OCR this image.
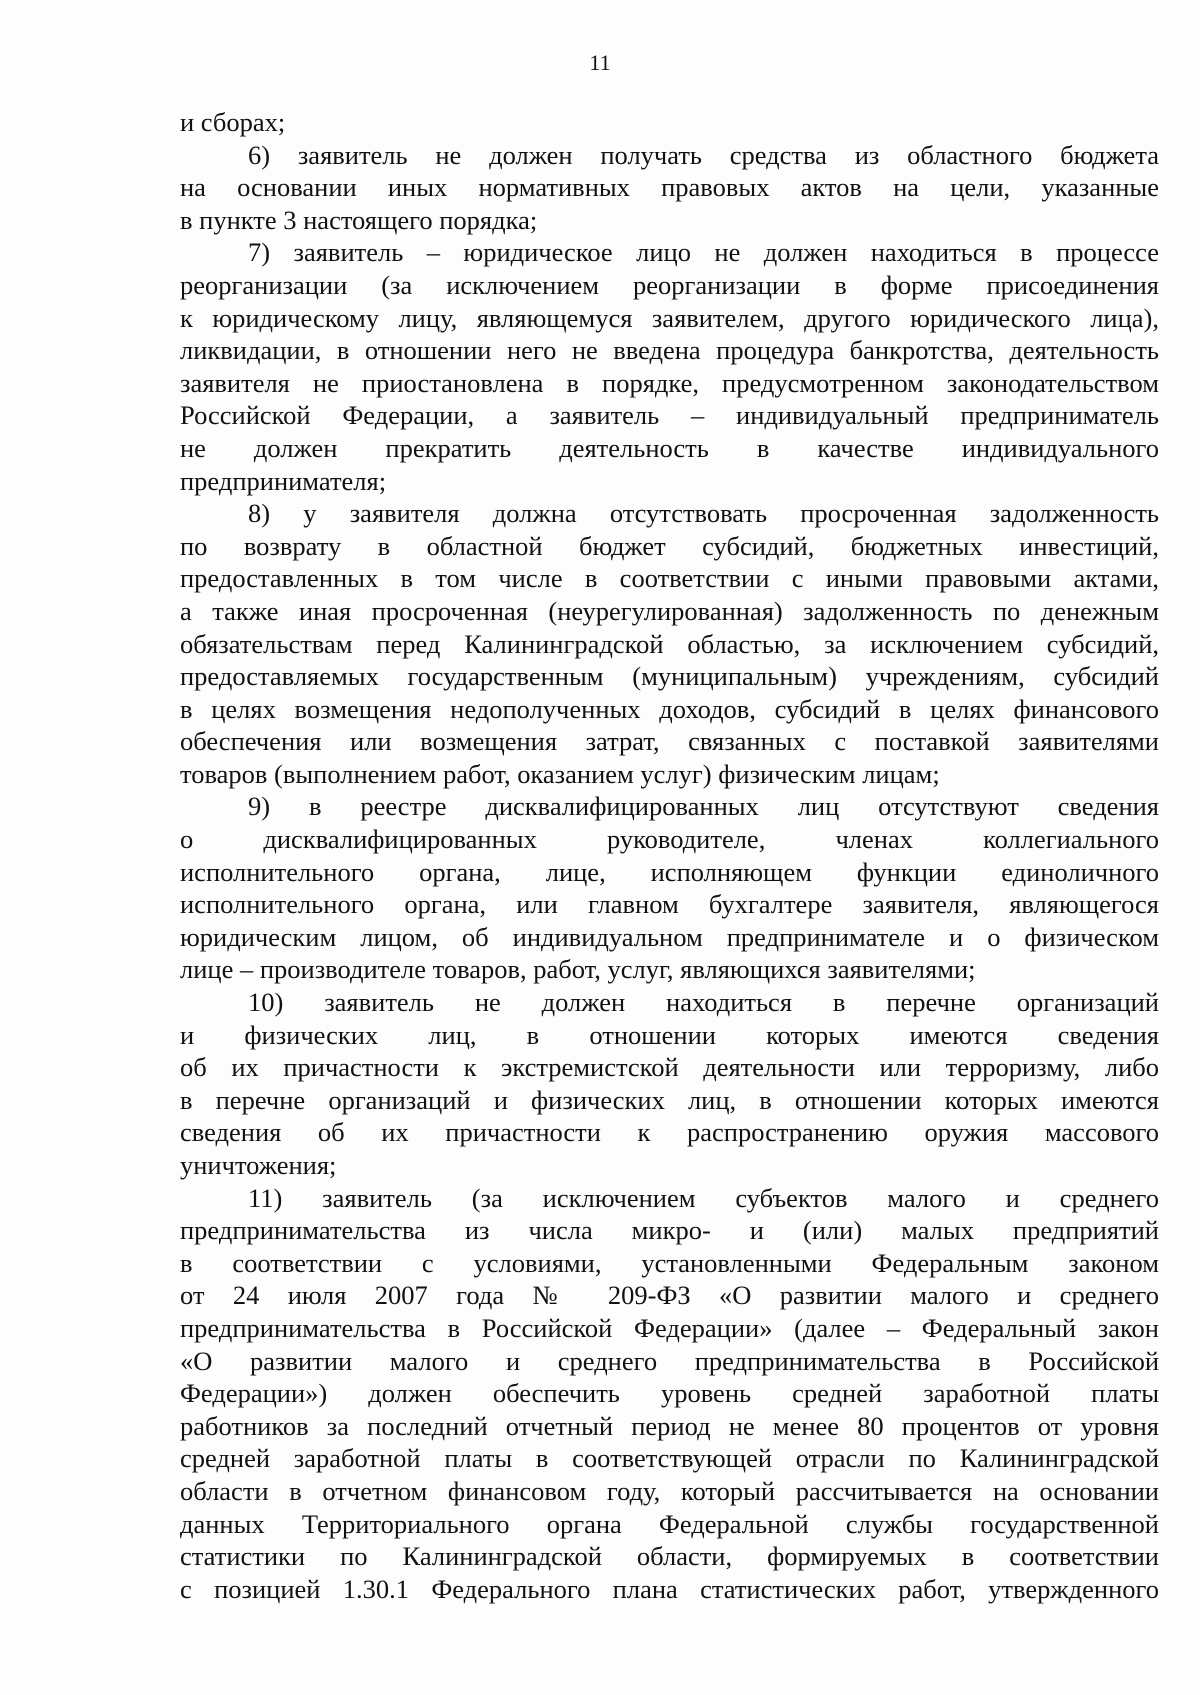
11
и сборах;
6) заявитель не должен получать средства из областного бюджета
на основании иных нормативных правовых актов на цели, указанные
в пункте 3 настоящего порядка;
7) заявитель – юридическое лицо не должен находиться в процессе
реорганизации (за исключением реорганизации в форме присоединения
к юридическому лицу, являющемуся заявителем, другого юридического лица),
ликвидации, в отношении него не введена процедура банкротства, деятельность
заявителя не приостановлена в порядке, предусмотренном законодательством
Российской Федерации, а заявитель – индивидуальный предприниматель
не должен прекратить деятельность в качестве индивидуального
предпринимателя;
8) у заявителя должна отсутствовать просроченная задолженность
по возврату в областной бюджет субсидий, бюджетных инвестиций,
предоставленных в том числе в соответствии с иными правовыми актами,
а также иная просроченная (неурегулированная) задолженность по денежным
обязательствам перед Калининградской областью, за исключением субсидий,
предоставляемых государственным (муниципальным) учреждениям, субсидий
в целях возмещения недополученных доходов, субсидий в целях финансового
обеспечения или возмещения затрат, связанных с поставкой заявителями
товаров (выполнением работ, оказанием услуг) физическим лицам;
9) в реестре дисквалифицированных лиц отсутствуют сведения
о дисквалифицированных руководителе, членах коллегиального
исполнительного органа, лице, исполняющем функции единоличного
исполнительного органа, или главном бухгалтере заявителя, являющегося
юридическим лицом, об индивидуальном предпринимателе и о физическом
лице – производителе товаров, работ, услуг, являющихся заявителями;
10) заявитель не должен находиться в перечне организаций
и физических лиц, в отношении которых имеются сведения
об их причастности к экстремистской деятельности или терроризму, либо
в перечне организаций и физических лиц, в отношении которых имеются
сведения об их причастности к распространению оружия массового
уничтожения;
11) заявитель (за исключением субъектов малого и среднего
предпринимательства из числа микро- и (или) малых предприятий
в соответствии с условиями, установленными Федеральным законом
от 24 июля 2007 года № 209-ФЗ «О развитии малого и среднего
предпринимательства в Российской Федерации» (далее – Федеральный закон
«О развитии малого и среднего предпринимательства в Российской
Федерации») должен обеспечить уровень средней заработной платы
работников за последний отчетный период не менее 80 процентов от уровня
средней заработной платы в соответствующей отрасли по Калининградской
области в отчетном финансовом году, который рассчитывается на основании
данных Территориального органа Федеральной службы государственной
статистики по Калининградской области, формируемых в соответствии
с позицией 1.30.1 Федерального плана статистических работ, утвержденного
